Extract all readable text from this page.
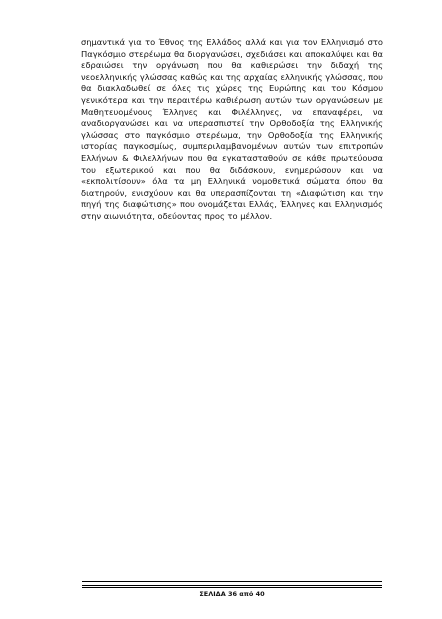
σημαντικά για το Έθνος της Ελλάδος αλλά και για τον Ελληνισμό στο Παγκόσμιο στερέωμα θα διοργανώσει, σχεδιάσει και αποκαλύψει και θα εδραιώσει την οργάνωση που θα καθιερώσει την διδαχή της νεοελληνικής γλώσσας καθώς και της αρχαίας ελληνικής γλώσσας, που θα διακλαδωθεί σε όλες τις χώρες της Ευρώπης και του Κόσμου γενικότερα και την περαιτέρω καθιέρωση αυτών των οργανώσεων με Μαθητευομένους Έλληνες και Φιλέλληνες, να επαναφέρει, να αναδιοργανώσει και να υπερασπιστεί την Ορθοδοξία της Ελληνικής γλώσσας στο παγκόσμιο στερέωμα, την Ορθοδοξία της Ελληνικής ιστορίας παγκοσμίως, συμπεριλαμβανομένων αυτών των επιτροπών Ελλήνων & Φιλελλήνων που θα εγκατασταθούν σε κάθε πρωτεύουσα του εξωτερικού και που θα διδάσκουν, ενημερώσουν και να «εκπολιτίσουν» όλα τα μη Ελληνικά νομοθετικά σώματα όπου θα διατηρούν, ενισχύουν και θα υπερασπίζονται τη «Διαφώτιση και την πηγή της διαφώτισης» που ονομάζεται Ελλάς, Έλληνες και Ελληνισμός στην αιωνιότητα, οδεύοντας προς το μέλλον.

ΣΕΛΙΔΑ 36 από 40
